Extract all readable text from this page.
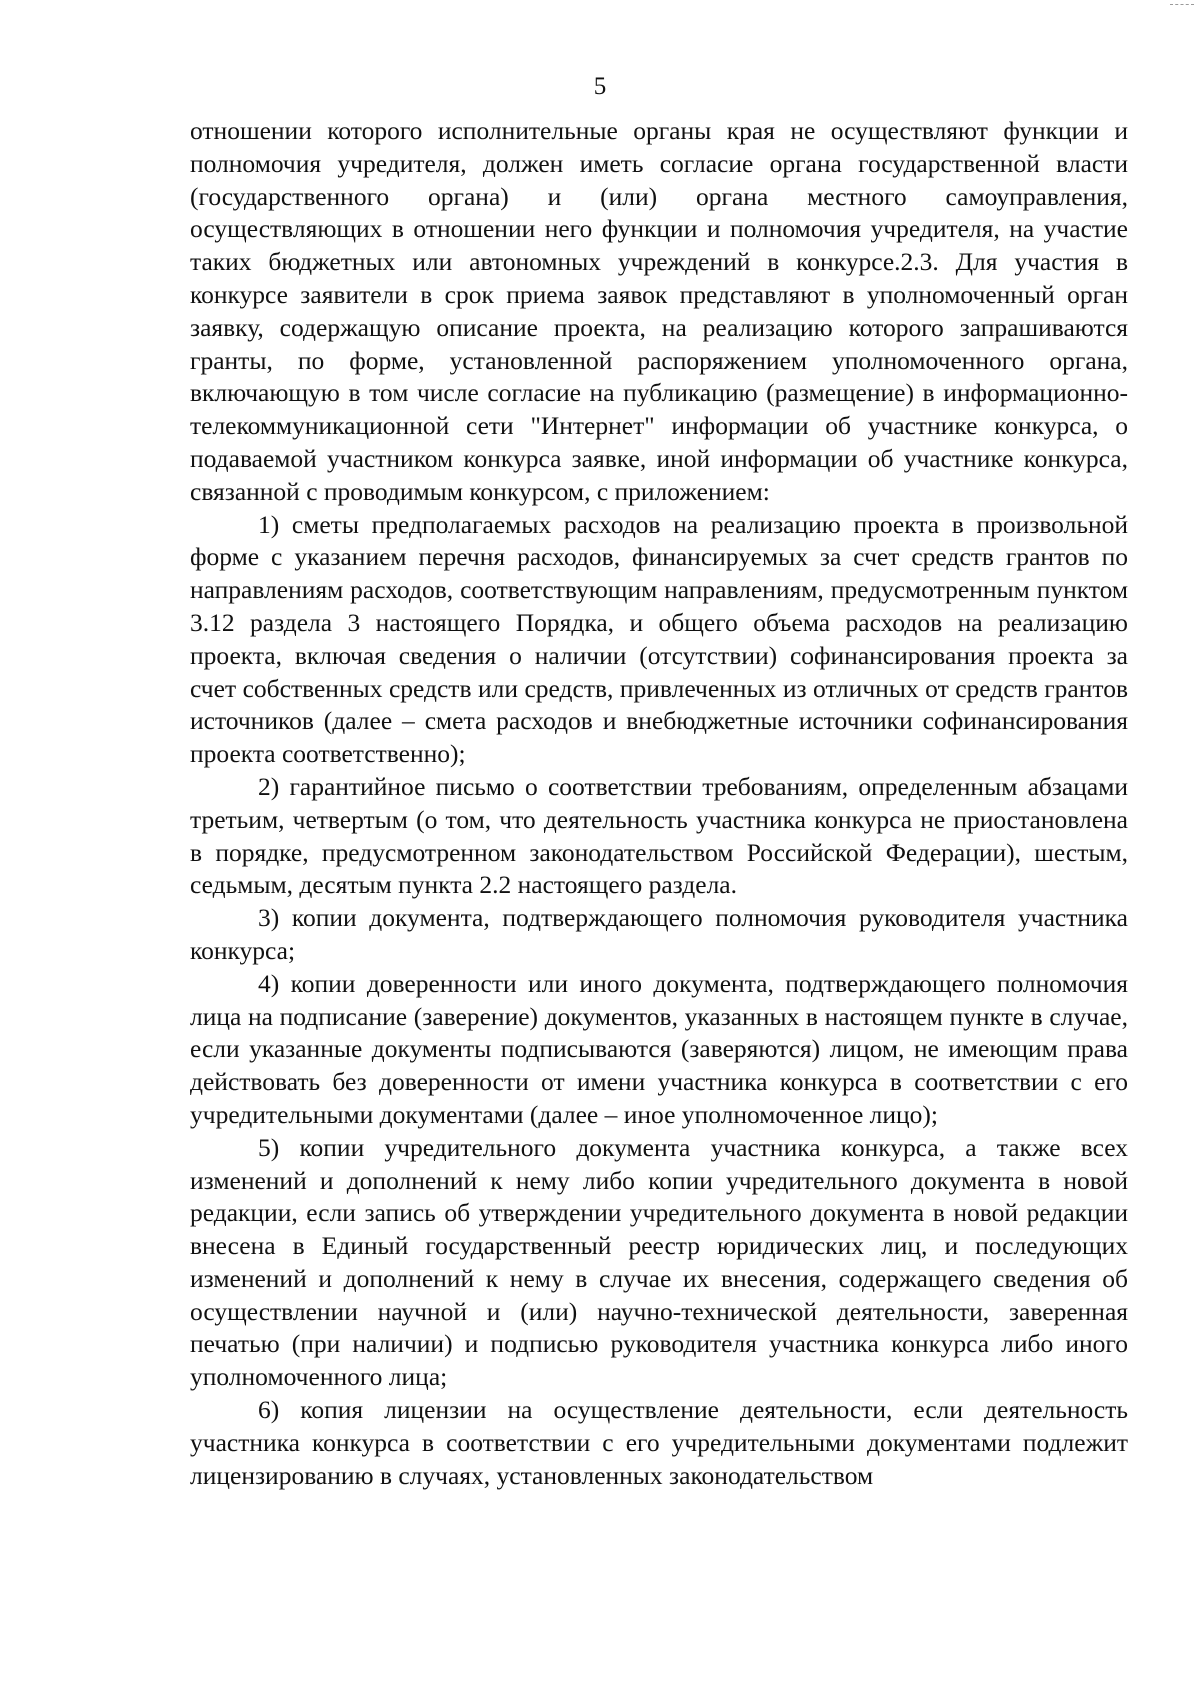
5

отношении которого исполнительные органы края не осуществляют функции и полномочия учредителя, должен иметь согласие органа государственной власти (государственного органа) и (или) органа местного самоуправления, осуществляющих в отношении него функции и полномочия учредителя, на участие таких бюджетных или автономных учреждений в конкурсе.2.3. Для участия в конкурсе заявители в срок приема заявок представляют в уполномоченный орган заявку, содержащую описание проекта, на реализацию которого запрашиваются гранты, по форме, установленной распоряжением уполномоченного органа, включающую в том числе согласие на публикацию (размещение) в информационно-телекоммуникационной сети "Интернет" информации об участнике конкурса, о подаваемой участником конкурса заявке, иной информации об участнике конкурса, связанной с проводимым конкурсом, с приложением:

1) сметы предполагаемых расходов на реализацию проекта в произвольной форме с указанием перечня расходов, финансируемых за счет средств грантов по направлениям расходов, соответствующим направлениям, предусмотренным пунктом 3.12 раздела 3 настоящего Порядка, и общего объема расходов на реализацию проекта, включая сведения о наличии (отсутствии) софинансирования проекта за счет собственных средств или средств, привлеченных из отличных от средств грантов источников (далее – смета расходов и внебюджетные источники софинансирования проекта соответственно);

2) гарантийное письмо о соответствии требованиям, определенным абзацами третьим, четвертым (о том, что деятельность участника конкурса не приостановлена в порядке, предусмотренном законодательством Российской Федерации), шестым, седьмым, десятым пункта 2.2 настоящего раздела.

3) копии документа, подтверждающего полномочия руководителя участника конкурса;

4) копии доверенности или иного документа, подтверждающего полномочия лица на подписание (заверение) документов, указанных в настоящем пункте в случае, если указанные документы подписываются (заверяются) лицом, не имеющим права действовать без доверенности от имени участника конкурса в соответствии с его учредительными документами (далее – иное уполномоченное лицо);

5) копии учредительного документа участника конкурса, а также всех изменений и дополнений к нему либо копии учредительного документа в новой редакции, если запись об утверждении учредительного документа в новой редакции внесена в Единый государственный реестр юридических лиц, и последующих изменений и дополнений к нему в случае их внесения, содержащего сведения об осуществлении научной и (или) научно-технической деятельности, заверенная печатью (при наличии) и подписью руководителя участника конкурса либо иного уполномоченного лица;

6) копия лицензии на осуществление деятельности, если деятельность участника конкурса в соответствии с его учредительными документами подлежит лицензированию в случаях, установленных законодательством
